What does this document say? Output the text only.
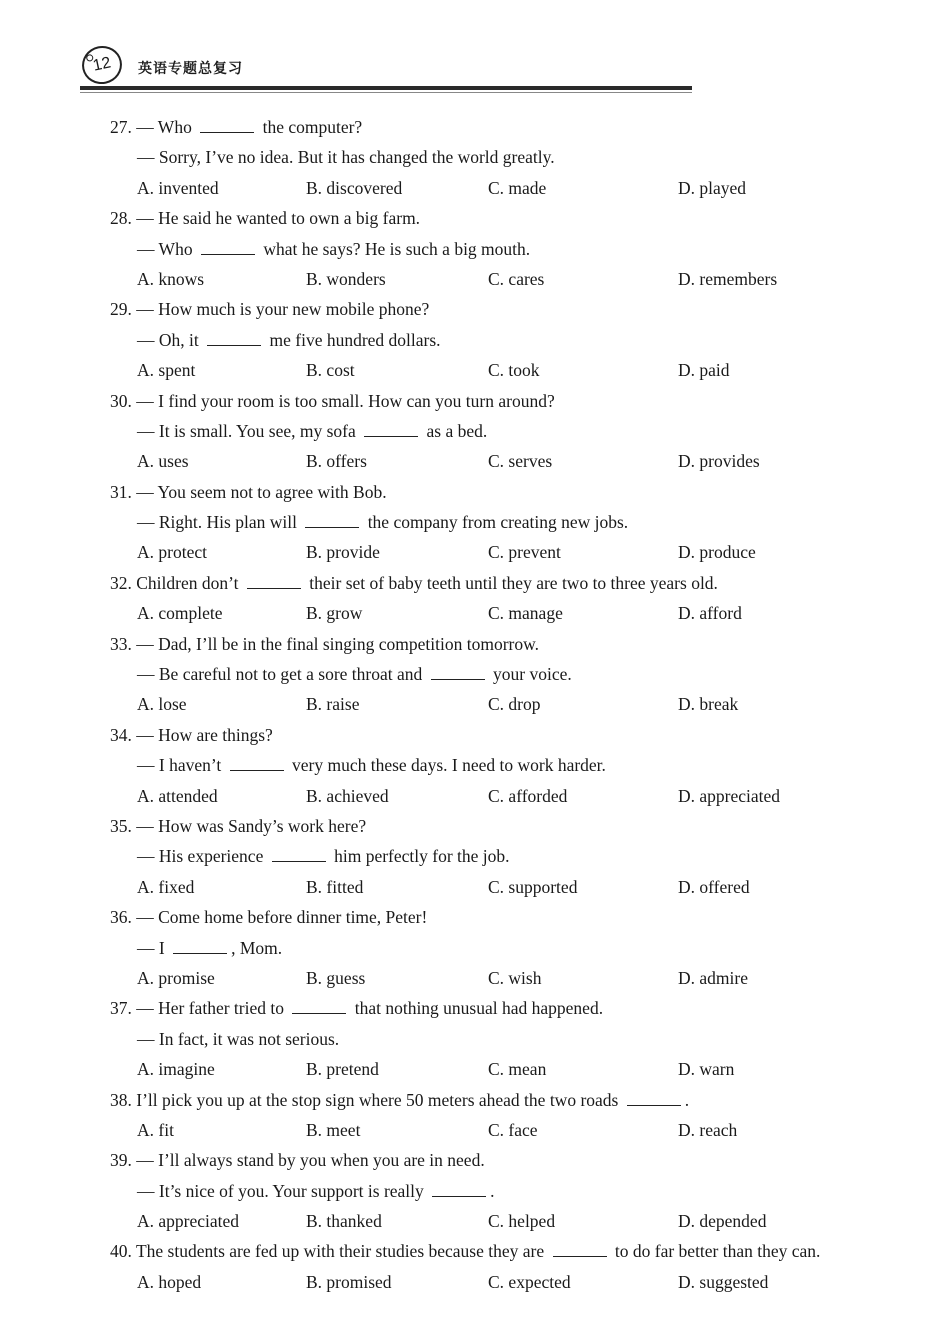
12 英语专题总复习
27. — Who	the computer?
— Sorry, I’ve no idea. But it has changed the world greatly.
A. invented	B. discovered	C. made	D. played
28. — He said he wanted to own a big farm.
— Who	what he says? He is such a big mouth.
A. knows	B. wonders	C. cares	D. remembers
29. — How much is your new mobile phone?
— Oh, it	me five hundred dollars.
A. spent	B. cost	C. took	D. paid
30. — I find your room is too small. How can you turn around?
— It is small. You see, my sofa	as a bed.
A. uses	B. offers	C. serves	D. provides
31. — You seem not to agree with Bob.
— Right. His plan will	the company from creating new jobs.
A. protect	B. provide	C. prevent	D. produce
32. Children don’t	their set of baby teeth until they are two to three years old.
A. complete	B. grow	C. manage	D. afford
33. — Dad, I’ll be in the final singing competition tomorrow.
— Be careful not to get a sore throat and	your voice.
A. lose	B. raise	C. drop	D. break
34. — How are things?
— I haven’t	very much these days. I need to work harder.
A. attended	B. achieved	C. afforded	D. appreciated
35. — How was Sandy’s work here?
— His experience	him perfectly for the job.
A. fixed	B. fitted	C. supported	D. offered
36. — Come home before dinner time, Peter!
— I	, Mom.
A. promise	B. guess	C. wish	D. admire
37. — Her father tried to	that nothing unusual had happened.
— In fact, it was not serious.
A. imagine	B. pretend	C. mean	D. warn
38. I’ll pick you up at the stop sign where 50 meters ahead the two roads	.
A. fit	B. meet	C. face	D. reach
39. — I’ll always stand by you when you are in need.
— It’s nice of you. Your support is really	.
A. appreciated	B. thanked	C. helped	D. depended
40. The students are fed up with their studies because they are	to do far better than they can.
A. hoped	B. promised	C. expected	D. suggested
